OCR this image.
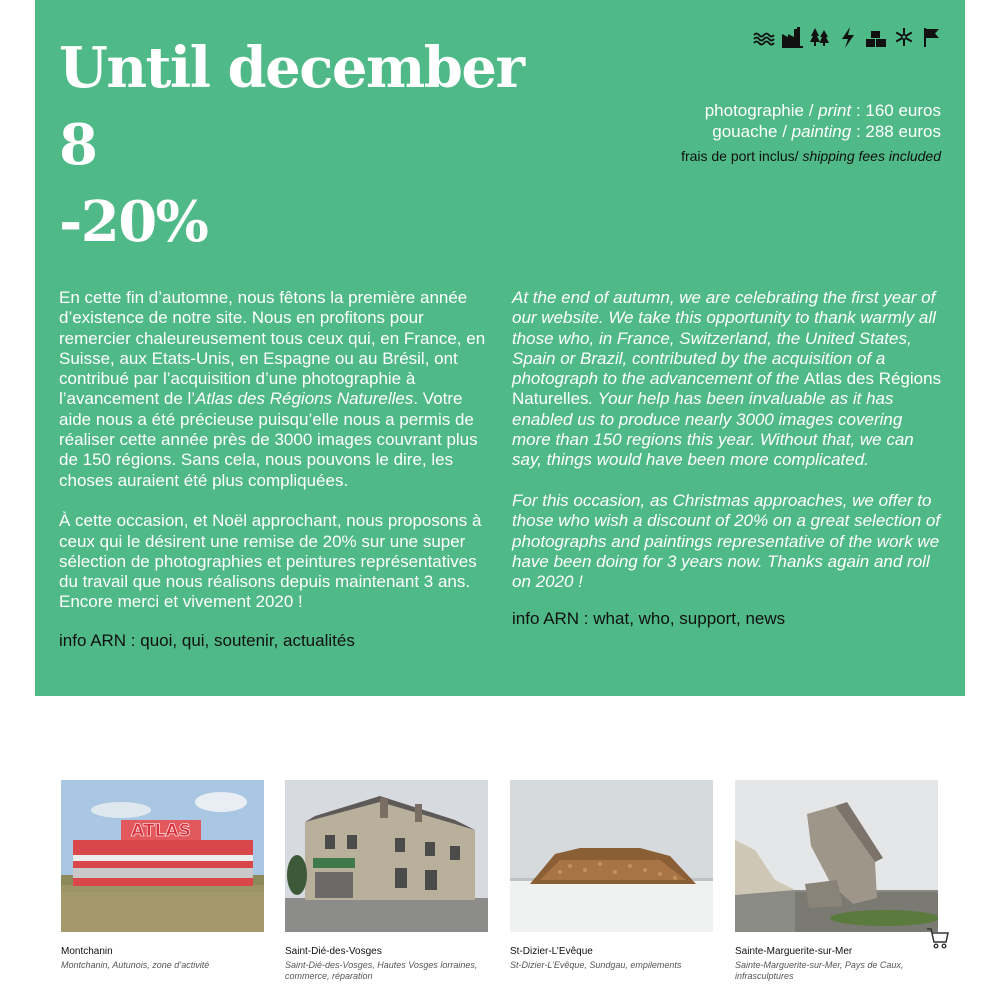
Until december
8
-20%
photographie / print : 160 euros
gouache / painting : 288 euros
frais de port inclus/ shipping fees included

En cette fin d’automne, nous fêtons la première année d’existence de notre site. Nous en profitons pour remercier chaleureusement tous ceux qui, en France, en Suisse, aux Etats-Unis, en Espagne ou au Brésil, ont contribué par l’acquisition d’une photographie à l’avancement de l’Atlas des Régions Naturelles. Votre aide nous a été précieuse puisqu’elle nous a permis de réaliser cette année près de 3000 images couvrant plus de 150 régions. Sans cela, nous pouvons le dire, les choses auraient été plus compliquées.

À cette occasion, et Noël approchant, nous proposons à ceux qui le désirent une remise de 20% sur une super sélection de photographies et peintures représentatives du travail que nous réalisons depuis maintenant 3 ans. Encore merci et vivement 2020 !

info ARN : quoi, qui, soutenir, actualités

At the end of autumn, we are celebrating the first year of our website. We take this opportunity to thank warmly all those who, in France, Switzerland, the United States, Spain or Brazil, contributed by the acquisition of a photograph to the advancement of the Atlas des Régions Naturelles. Your help has been invaluable as it has enabled us to produce nearly 3000 images covering more than 150 regions this year. Without that, we can say, things would have been more complicated.

For this occasion, as Christmas approaches, we offer to those who wish a discount of 20% on a great selection of photographs and paintings representative of the work we have been doing for 3 years now. Thanks again and roll on 2020 !

info ARN : what, who, support, news
ATLAS
Montchanin
Montchanin, Autunois, zone d’activité
Saint-Dié-des-Vosges
Saint-Dié-des-Vosges, Hautes Vosges lorraines, commerce, réparation
St-Dizier-L’Evêque
St-Dizier-L’Evêque, Sundgau, empilements
Sainte-Marguerite-sur-Mer
Sainte-Marguerite-sur-Mer, Pays de Caux, infrasculptures
